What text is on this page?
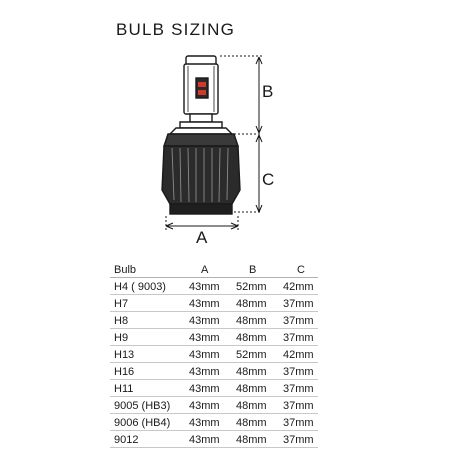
BULB SIZING
B
C
A
Bulb	A	B	C
H4 ( 9003) 43mm 52mm 42mm
H7	43mm 48mm 37mm
H8	43mm 48mm 37mm
H9	43mm 48mm 37mm
H13	43mm 52mm 42mm
H16	43mm 48mm 37mm
H11	43mm 48mm 37mm
9005 (HB3) 43mm 48mm 37mm
9006 (HB4) 43mm 48mm 37mm
9012	43mm 48mm 37mm
